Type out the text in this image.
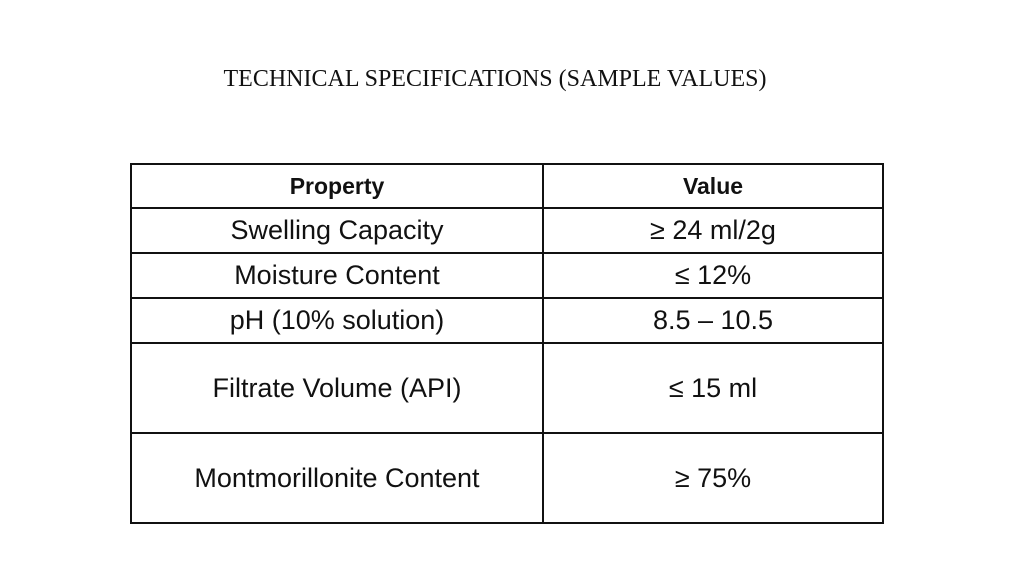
TECHNICAL SPECIFICATIONS (SAMPLE VALUES)
Property	Value
Swelling Capacity	≥ 24 ml/2g
Moisture Content	≤ 12%
pH (10% solution)	8.5 – 10.5
Filtrate Volume (API)	≤ 15 ml
Montmorillonite Content	≥ 75%
